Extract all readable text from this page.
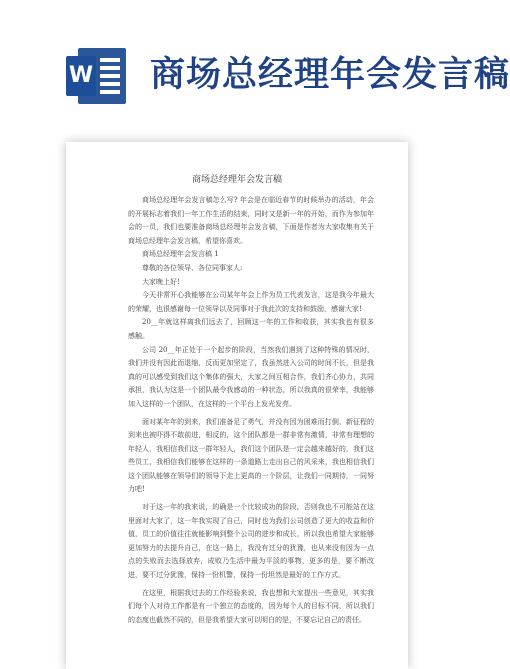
W 商场总经理年会发言稿
商场总经理年会发言稿

商场总经理年会发言稿怎么写? 年会是在临近春节的时候举办的活动，年会的开展标志着我们一年工作生活的结束，同时又是新一年的开始，而作为参加年会的一员，我们也要准备商场总经理年会发言稿，下面是作者为大家收集有关于商场总经理年会发言稿，希望你喜欢。

商场总经理年会发言稿 1

尊敬的各位领导、各位同事家人:

大家晚上好!

今天非常开心我能够在公司某年年会上作为员工代表发言，这是我今年最大的荣耀，也很感谢每一位领导以及同事对于我此次的支持和鼓励，感谢大家!

20__年就这样离我们远去了，回顾这一年的工作和收获，其实我也有很多感触。

公司 20__年正处于一个起步的阶段，当然我们遇到了这种特殊的情况时，我们并没有因此而退缩，反而更加坚定了，我虽然进入公司的时间不长，但是我真的可以感受到我们这个集体的强大，大家之间互相合作，我们齐心协力，共同承担，我认为这是一个团队最令我感动的一种状态，所以我真的很荣幸，我能够加入这样的一个团队，在这样的一个平台上发光发亮。

面对某年年的到来，我们准备足了勇气，并没有因为困难而打倒，新征程的到来也被吓得不敢前进，相反的，这个团队都是一群非常有激情，非常有理想的年轻人，我相信我们这一群年轻人，我们这个团队是一定会越来越好的，我们这些员工，我相信我们能够在这样的一条道路上走出自己的风采来，我也相信我们这个团队能够在领导们的领导下走上更高的一个阶层，让我们一同期待，一同努力吧!

对于这一年的我来说，的确是一个比较成功的阶段，否则我也不可能站在这里面对大家了，这一年我实现了自己，同时也为我们公司创造了更大的收益和价值，员工的价值往往就能影响到整个公司的进步和成长，所以我也希望大家能够更加努力的去提升自己，在这一路上，我没有过分的犹豫，也从来没有因为一点点的失败而去选择放弃，成败乃生活中最为平淡的事物，更多的是，要不断改进，要不过分犹豫，保持一份机警，保持一份坦然是最好的工作方式。

在这里，根据我过去的工作经验来说，我也想和大家提出一些意见，其实我们每个人对待工作都是有一个独立的态度的，因为每个人的目标不同，所以我们的态度也截然不同的，但是我希望大家可以明白的是，不要忘记自己的责任。
